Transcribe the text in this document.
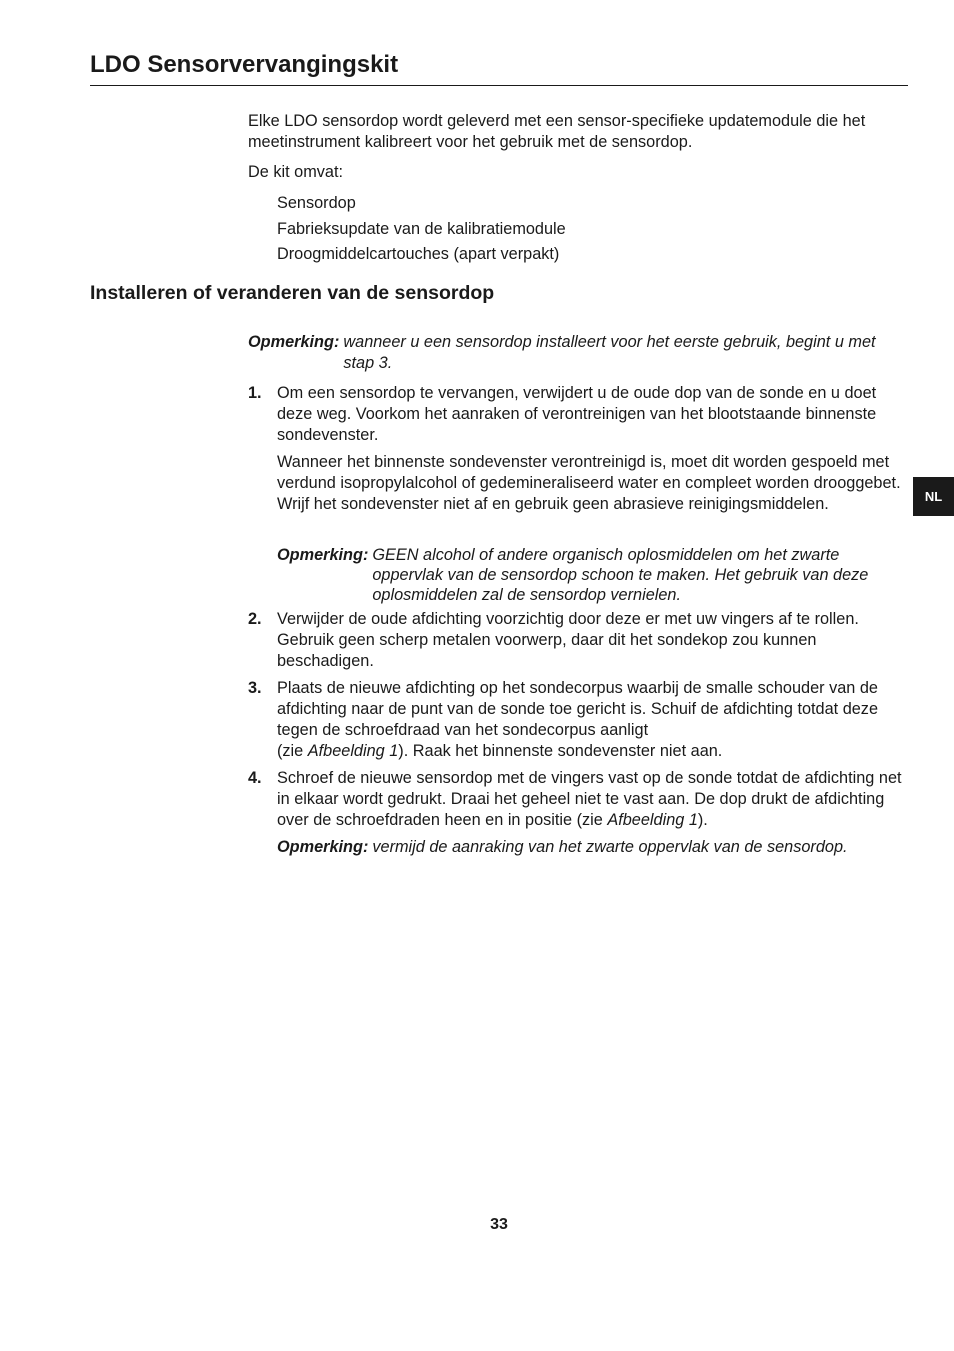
LDO Sensorvervangingskit

Elke LDO sensordop wordt geleverd met een sensor-specifieke updatemodule die het meetinstrument kalibreert voor het gebruik met de sensordop.

De kit omvat:

Sensordop
Fabrieksupdate van de kalibratiemodule
Droogmiddelcartouches (apart verpakt)
Installeren of veranderen van de sensordop
Opmerking: wanneer u een sensordop installeert voor het eerste gebruik, begint u met stap 3.
1. Om een sensordop te vervangen, verwijdert u de oude dop van de sonde en u doet deze weg. Voorkom het aanraken of verontreinigen van het blootstaande binnenste sondevenster.

Wanneer het binnenste sondevenster verontreinigd is, moet dit worden gespoeld met verdund isopropylalcohol of gedemineraliseerd water en compleet worden drooggebet. Wrijf het sondevenster niet af en gebruik geen abrasieve reinigingsmiddelen.

Opmerking: GEEN alcohol of andere organisch oplosmiddelen om het zwarte oppervlak van de sensordop schoon te maken. Het gebruik van deze oplosmiddelen zal de sensordop vernielen.
2. Verwijder de oude afdichting voorzichtig door deze er met uw vingers af te rollen. Gebruik geen scherp metalen voorwerp, daar dit het sondekop zou kunnen beschadigen.
3. Plaats de nieuwe afdichting op het sondecorpus waarbij de smalle schouder van de afdichting naar de punt van de sonde toe gericht is. Schuif de afdichting totdat deze tegen de schroefdraad van het sondecorpus aanligt
(zie Afbeelding 1). Raak het binnenste sondevenster niet aan.
4. Schroef de nieuwe sensordop met de vingers vast op de sonde totdat de afdichting net in elkaar wordt gedrukt. Draai het geheel niet te vast aan. De dop drukt de afdichting over de schroefdraden heen en in positie (zie Afbeelding 1).
Opmerking: vermijd de aanraking van het zwarte oppervlak van de sensordop.
NL
33
